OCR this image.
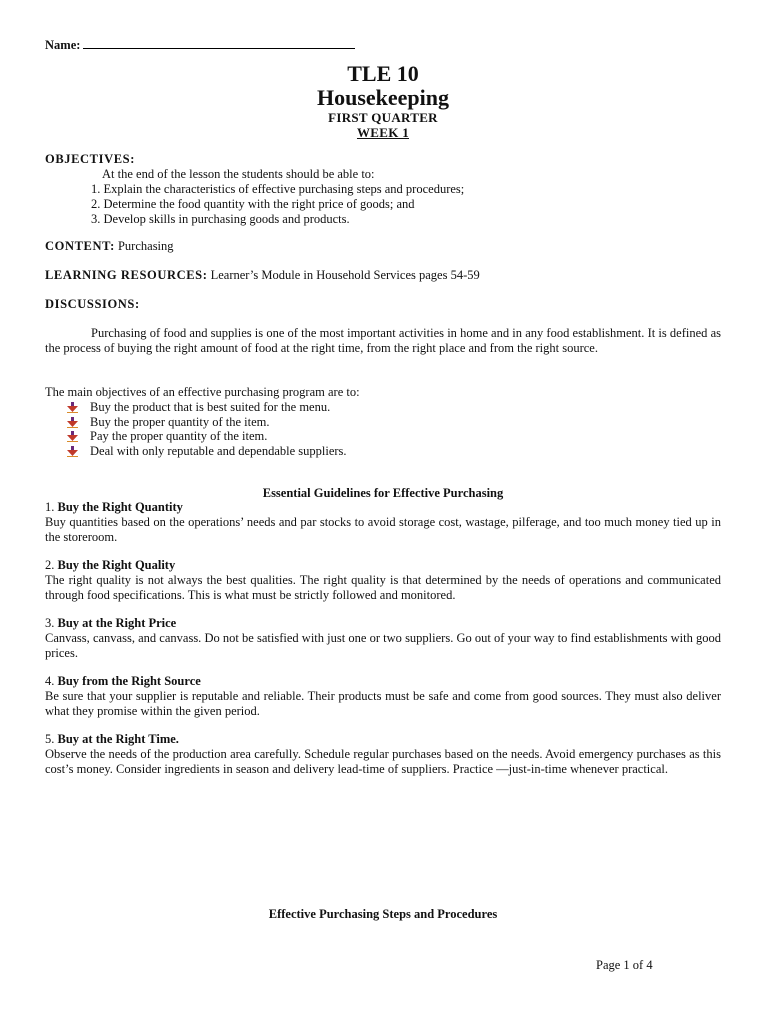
Name:
TLE 10
Housekeeping
FIRST QUARTER
WEEK 1
OBJECTIVES:
At the end of the lesson the students should be able to:
1. Explain the characteristics of effective purchasing steps and procedures;
2. Determine the food quantity with the right price of goods; and
3. Develop skills in purchasing goods and products.
CONTENT: Purchasing
LEARNING RESOURCES: Learner’s Module in Household Services pages 54-59
DISCUSSIONS:
Purchasing of food and supplies is one of the most important activities in home and in any food establishment. It is defined as the process of buying the right amount of food at the right time, from the right place and from the right source.
The main objectives of an effective purchasing program are to:
Buy the product that is best suited for the menu.
Buy the proper quantity of the item.
Pay the proper quantity of the item.
Deal with only reputable and dependable suppliers.
Essential Guidelines for Effective Purchasing
1. Buy the Right Quantity
Buy quantities based on the operations’ needs and par stocks to avoid storage cost, wastage, pilferage, and too much money tied up in the storeroom.
2. Buy the Right Quality
The right quality is not always the best qualities. The right quality is that determined by the needs of operations and communicated through food specifications. This is what must be strictly followed and monitored.
3. Buy at the Right Price
Canvass, canvass, and canvass. Do not be satisfied with just one or two suppliers. Go out of your way to find establishments with good prices.
4. Buy from the Right Source
Be sure that your supplier is reputable and reliable. Their products must be safe and come from good sources. They must also deliver what they promise within the given period.
5. Buy at the Right Time.
Observe the needs of the production area carefully. Schedule regular purchases based on the needs. Avoid emergency purchases as this cost’s money. Consider ingredients in season and delivery lead-time of suppliers. Practice ―just-in-time whenever practical.
Effective Purchasing Steps and Procedures
Page 1 of 4
